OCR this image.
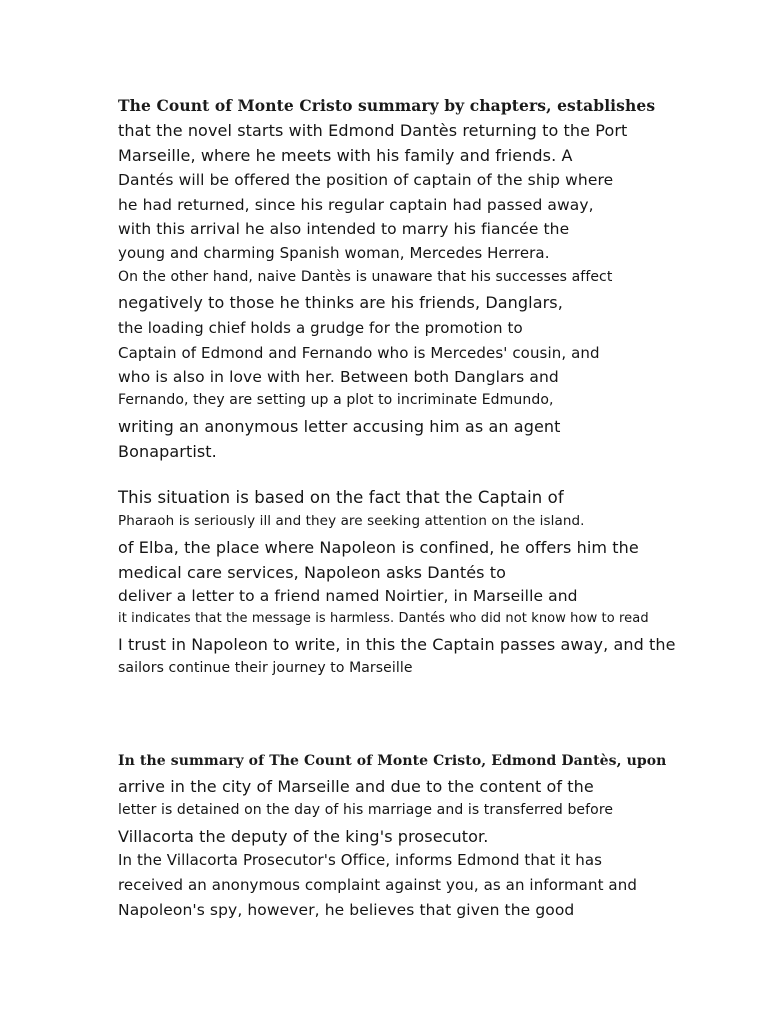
The Count of Monte Cristo summary by chapters, establishes
that the novel starts with Edmond Dantès returning to the Port
Marseille, where he meets with his family and friends. A
Dantés will be offered the position of captain of the ship where
he had returned, since his regular captain had passed away,
with this arrival he also intended to marry his fiancée the
young and charming Spanish woman, Mercedes Herrera.
On the other hand, naive Dantès is unaware that his successes affect
negatively to those he thinks are his friends, Danglars,
the loading chief holds a grudge for the promotion to
Captain of Edmond and Fernando who is Mercedes' cousin, and
who is also in love with her. Between both Danglars and
Fernando, they are setting up a plot to incriminate Edmundo,
writing an anonymous letter accusing him as an agent
Bonapartist.
This situation is based on the fact that the Captain of
Pharaoh is seriously ill and they are seeking attention on the island.
of Elba, the place where Napoleon is confined, he offers him the
medical care services, Napoleon asks Dantés to
deliver a letter to a friend named Noirtier, in Marseille and
it indicates that the message is harmless. Dantés who did not know how to read
I trust in Napoleon to write, in this the Captain passes away, and the
sailors continue their journey to Marseille
In the summary of The Count of Monte Cristo, Edmond Dantès, upon
arrive in the city of Marseille and due to the content of the
letter is detained on the day of his marriage and is transferred before
Villacorta the deputy of the king's prosecutor.
In the Villacorta Prosecutor's Office, informs Edmond that it has
received an anonymous complaint against you, as an informant and
Napoleon's spy, however, he believes that given the good
